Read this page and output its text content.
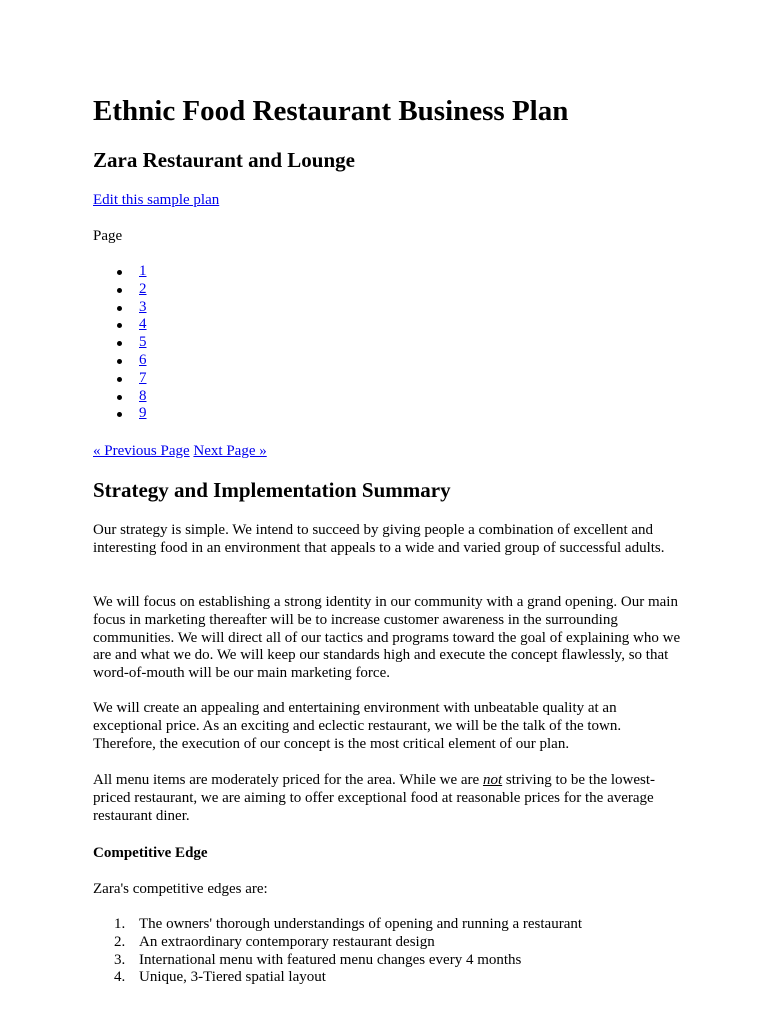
Ethnic Food Restaurant Business Plan
Zara Restaurant and Lounge
Edit this sample plan
Page
1
2
3
4
5
6
7
8
9
« Previous Page Next Page »
Strategy and Implementation Summary

Our strategy is simple. We intend to succeed by giving people a combination of excellent and interesting food in an environment that appeals to a wide and varied group of successful adults.

We will focus on establishing a strong identity in our community with a grand opening. Our main focus in marketing thereafter will be to increase customer awareness in the surrounding communities. We will direct all of our tactics and programs toward the goal of explaining who we are and what we do. We will keep our standards high and execute the concept flawlessly, so that word-of-mouth will be our main marketing force.

We will create an appealing and entertaining environment with unbeatable quality at an exceptional price. As an exciting and eclectic restaurant, we will be the talk of the town. Therefore, the execution of our concept is the most critical element of our plan.

All menu items are moderately priced for the area. While we are not striving to be the lowest-priced restaurant, we are aiming to offer exceptional food at reasonable prices for the average restaurant diner.

Competitive Edge
Zara's competitive edges are:
1. The owners' thorough understandings of opening and running a restaurant
2. An extraordinary contemporary restaurant design
3. International menu with featured menu changes every 4 months
4. Unique, 3-Tiered spatial layout
